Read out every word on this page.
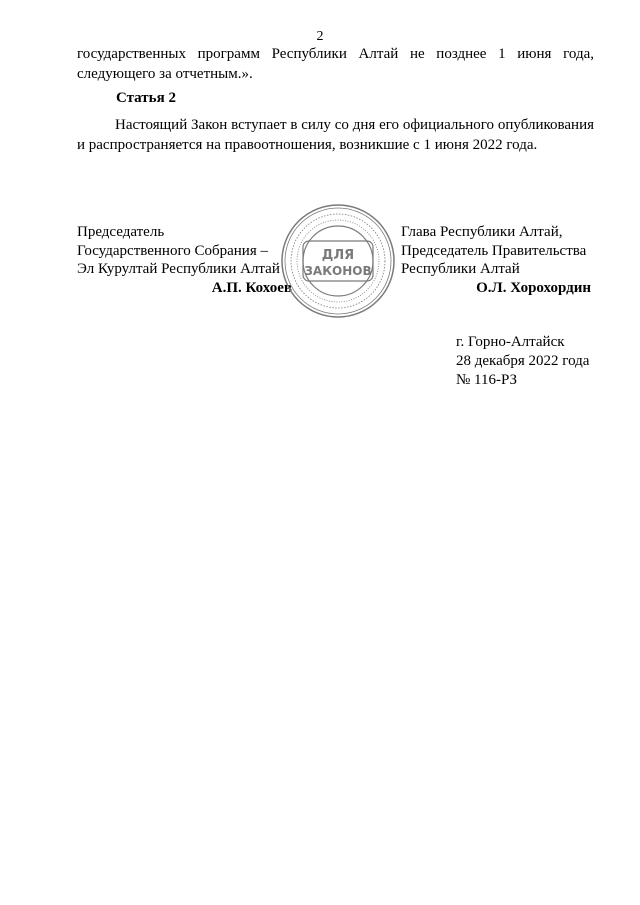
2
государственных программ Республики Алтай не позднее 1 июня года, следующего за отчетным.».
Статья 2
Настоящий Закон вступает в силу со дня его официального опубликования и распространяется на правоотношения, возникшие с 1 июня 2022 года.
Председатель
Государственного Собрания –
Эл Курултай Республики Алтай
А.П. Кохоев
ДЛЯ
ЗАКОНОВ
Глава Республики Алтай,
Председатель Правительства
Республики Алтай
О.Л. Хорохордин
г. Горно-Алтайск
28 декабря 2022 года
№ 116-РЗ
